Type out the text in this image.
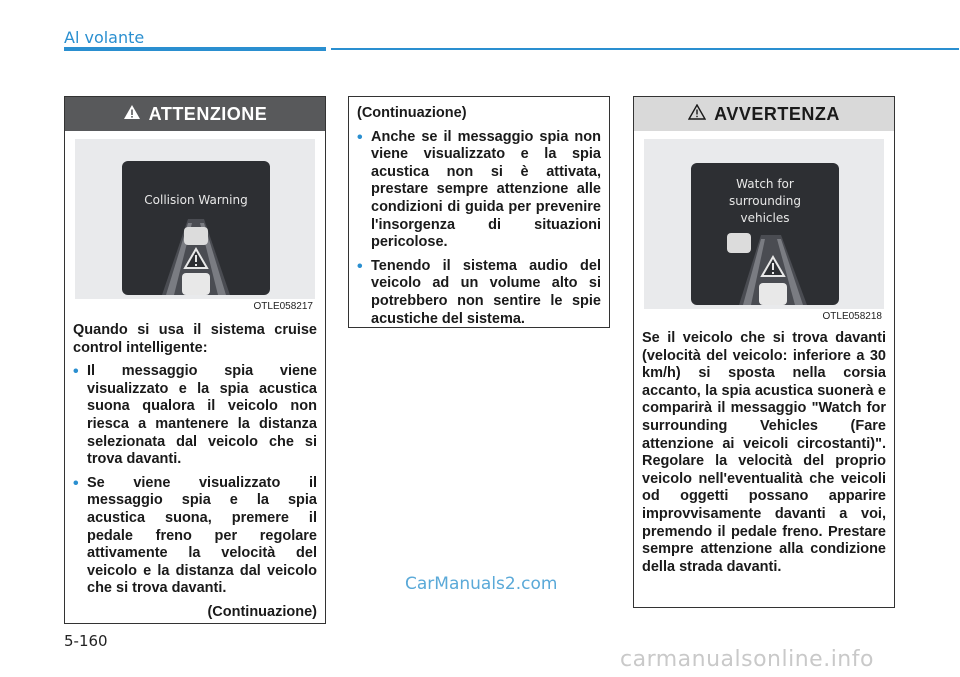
Al volante
ATTENZIONE
Collision Warning
OTLE058217

Quando si usa il sistema cruise control intelligente:

• Il messaggio spia viene visualizzato e la spia acustica suona qualora il veicolo non riesca a mantenere la distanza selezionata dal veicolo che si trova davanti.
• Se viene visualizzato il messaggio spia e la spia acustica suona, premere il pedale freno per regolare attivamente la velocità del veicolo e la distanza dal veicolo che si trova davanti.

(Continuazione)

(Continuazione)

• Anche se il messaggio spia non viene visualizzato e la spia acustica non si è attivata, prestare sempre attenzione alle condizioni di guida per prevenire l'insorgenza di situazioni pericolose.
• Tenendo il sistema audio del veicolo ad un volume alto si potrebbero non sentire le spie acustiche del sistema.
AVVERTENZA
Watch for
surrounding
vehicles
OTLE058218

Se il veicolo che si trova davanti (velocità del veicolo: inferiore a 30 km/h) si sposta nella corsia accanto, la spia acustica suonerà e comparirà il messaggio "Watch for surrounding Vehicles (Fare attenzione ai veicoli circostanti)". Regolare la velocità del proprio veicolo nell'eventualità che veicoli od oggetti possano apparire improvvisamente davanti a voi, premendo il pedale freno. Prestare sempre attenzione alla condizione della strada davanti.

CarManuals2.com
5-160
carmanualsonline.info
